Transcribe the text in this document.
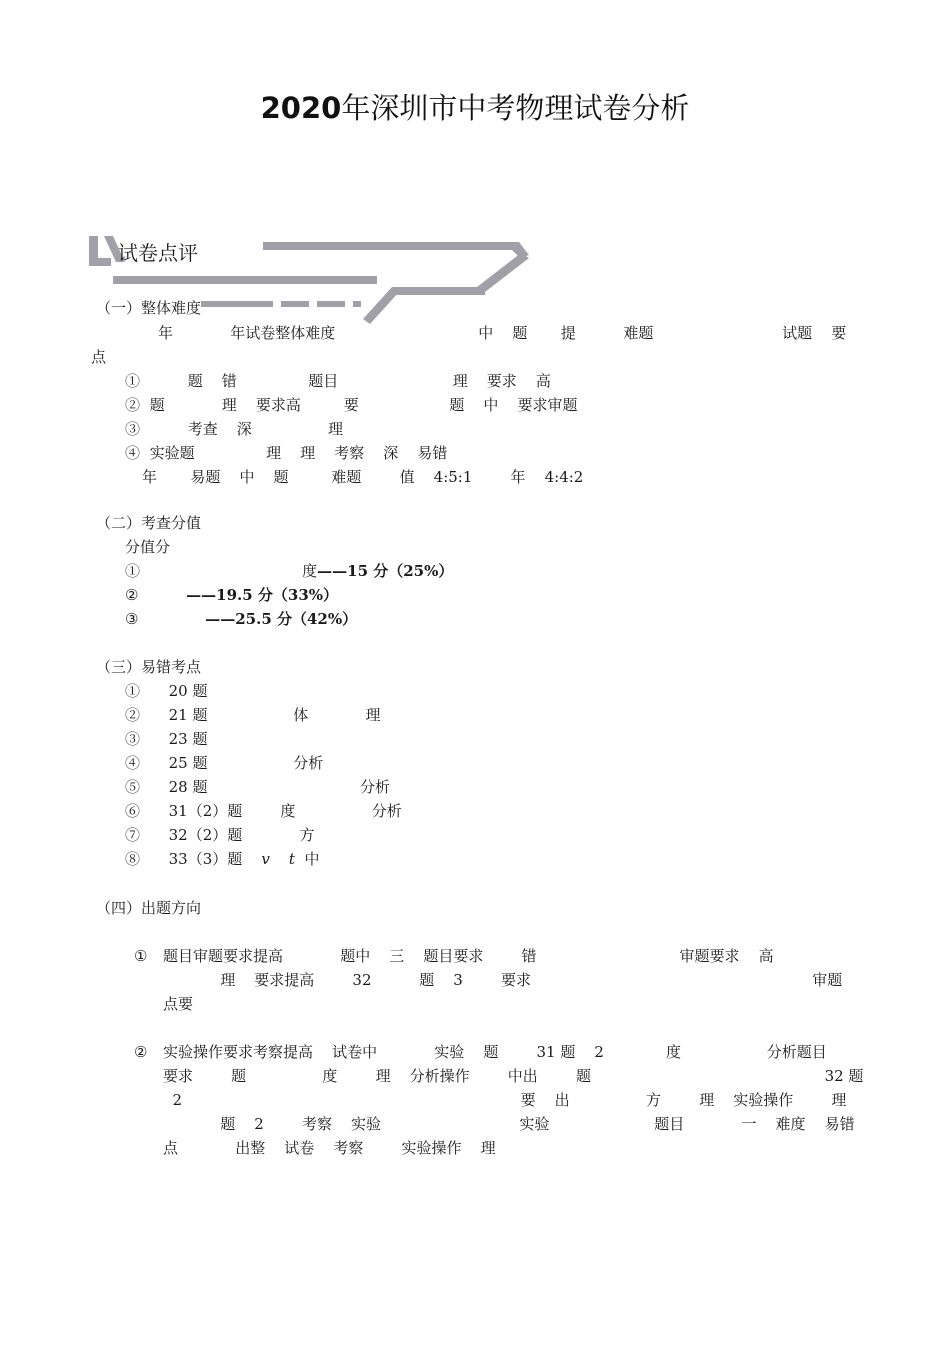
2020年深圳市中考物理试卷分析
试卷点评
（一）整体难度
年            年试卷整体难度                              中    题       提          难题                           试题    要
点
①          题    错               题目                        理    要求    高
② 题            理    要求高         要                   题    中    要求审题
③          考查    深                理
④ 实验题               理    理    考察    深    易错
年       易题    中    题         难题        值    4:5:1        年    4:4:2
（二）考查分值
分值分
①                                  度——15 分（25%）
②	——19.5 分（33%）
③	——25.5 分（42%）
（三）易错考点
① 20 题
② 21 题                  体            理
③ 23 题
④ 25 题                  分析
⑤ 28 题                                分析
⑥ 31（2）题        度                分析
⑦ 32（2）题            方
⑧ 33（3）题    v t  中
（四）出题方向
① 题目审题要求提高            题中    三    题目要求        错                              审题要求    高
理    要求提高        32          题    3        要求                                                           审题
点要
② 实验操作要求考察提高    试卷中            实验    题        31 题    2             度                  分析题目
要求        题                度        理    分析操作        中出        题                                                 32 题
2                                                                       要    出                方        理    实验操作        理
题    2        考察    实验                             实验                      题目            一    难度    易错
点            出整    试卷    考察        实验操作    理
